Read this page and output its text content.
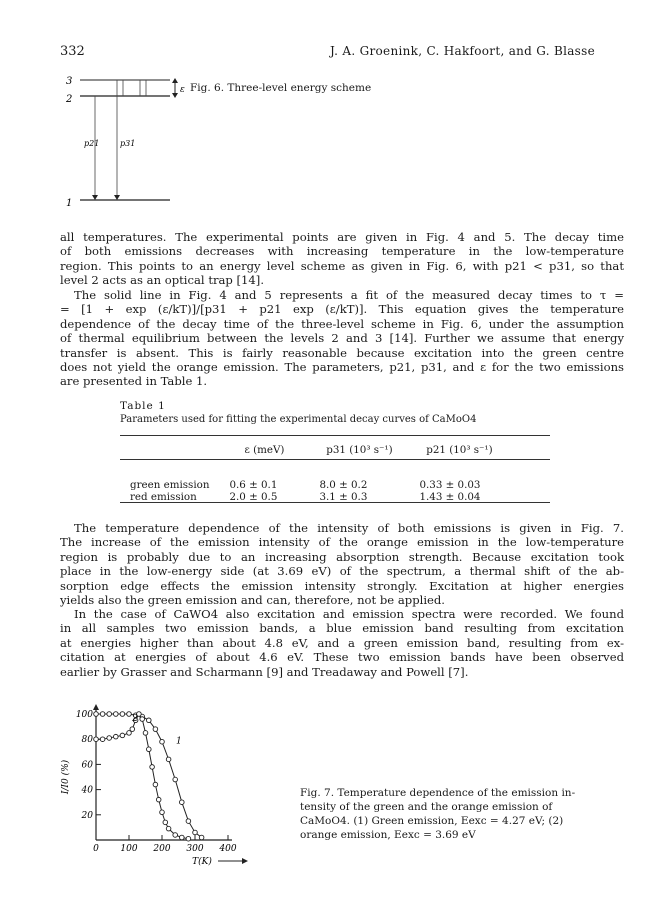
332	J. A. Groenink, C. Hakfoort, and G. Blasse
3
2
1
p21	p31
ε Fig. 6. Three-level energy scheme
all temperatures. The experimental points are given in Fig. 4 and 5. The decay time
of both emissions decreases with increasing temperature in the low-temperature
region. This points to an energy level scheme as given in Fig. 6, with p21 < p31, so that
level 2 acts as an optical trap [14].
The solid line in Fig. 4 and 5 represents a fit of the measured decay times to τ =
= [1 + exp (ε/kT)]/[p31 + p21 exp (ε/kT)]. This equation gives the temperature
dependence of the decay time of the three-level scheme in Fig. 6, under the assumption
of thermal equilibrium between the levels 2 and 3 [14]. Further we assume that energy
transfer is absent. This is fairly reasonable because excitation into the green centre
does not yield the orange emission. The parameters, p21, p31, and ε for the two emissions
are presented in Table 1.
Table 1
Parameters used for fitting the experimental decay curves of CaMoO4
	ε (meV)	p31 (10³ s⁻¹)	p21 (10³ s⁻¹)

green emission	0.6 ± 0.1	8.0 ± 0.2	0.33 ± 0.03
red emission	2.0 ± 0.5	3.1 ± 0.3	1.43 ± 0.04
The temperature dependence of the intensity of both emissions is given in Fig. 7.
The increase of the emission intensity of the orange emission in the low-temperature
region is probably due to an increasing absorption strength. Because excitation took
place in the low-energy side (at 3.69 eV) of the spectrum, a thermal shift of the ab-
sorption edge effects the emission intensity strongly. Excitation at higher energies
yields also the green emission and can, therefore, not be applied.
In the case of CaWO4 also excitation and emission spectra were recorded. We found
in all samples two emission bands, a blue emission band resulting from excitation
at energies higher than about 4.8 eV, and a green emission band, resulting from ex-
citation at energies of about 4.6 eV. These two emission bands have been observed
earlier by Grasser and Scharmann [9] and Treadaway and Powell [7].
20
40
60
80
100
0 100 200 300 400
I/I0 (%)
T(K)
1
2
Fig. 7. Temperature dependence of the emission in-
tensity of the green and the orange emission of
CaMoO4. (1) Green emission, Eexc = 4.27 eV; (2)
orange emission, Eexc = 3.69 eV
